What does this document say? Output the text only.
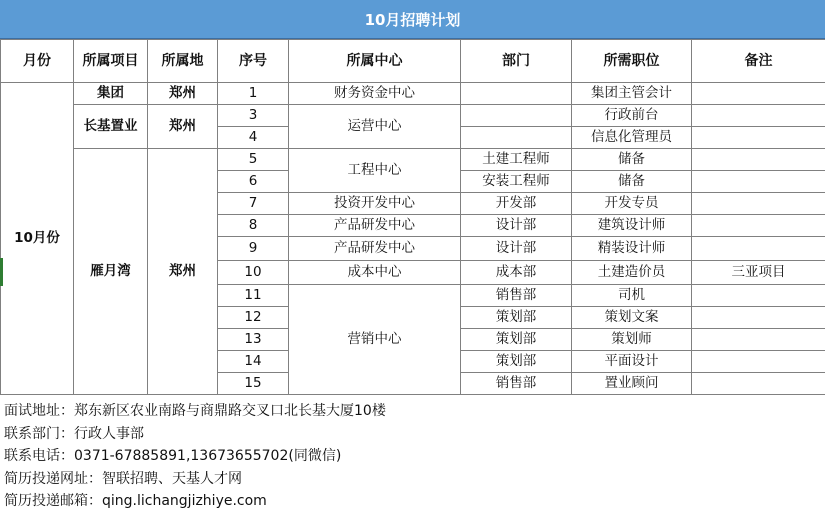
10月招聘计划
月份	所属项目	所属地	序号	所属中心	部门	所需职位	备注
10月份	集团	郑州	1	财务资金中心		集团主管会计	
	长基置业	郑州	3	运营中心		行政前台	
			4			信息化管理员	
	雁月湾	郑州	5	工程中心	土建工程师	储备	
			6		安装工程师	储备	
			7	投资开发中心	开发部	开发专员	
			8	产品研发中心	设计部	建筑设计师	
			9	产品研发中心	设计部	精装设计师	
			10	成本中心	成本部	土建造价员	三亚项目
			11	营销中心	销售部	司机	
			12		策划部	策划文案	
			13		策划部	策划师	
			14		策划部	平面设计	
			15		销售部	置业顾问	
面试地址：郑东新区农业南路与商鼎路交叉口北长基大厦10楼
联系部门：行政人事部
联系电话：0371-67885891,13673655702(同微信)
简历投递网址：智联招聘、天基人才网
简历投递邮箱：qing.lichangjizhiye.com
